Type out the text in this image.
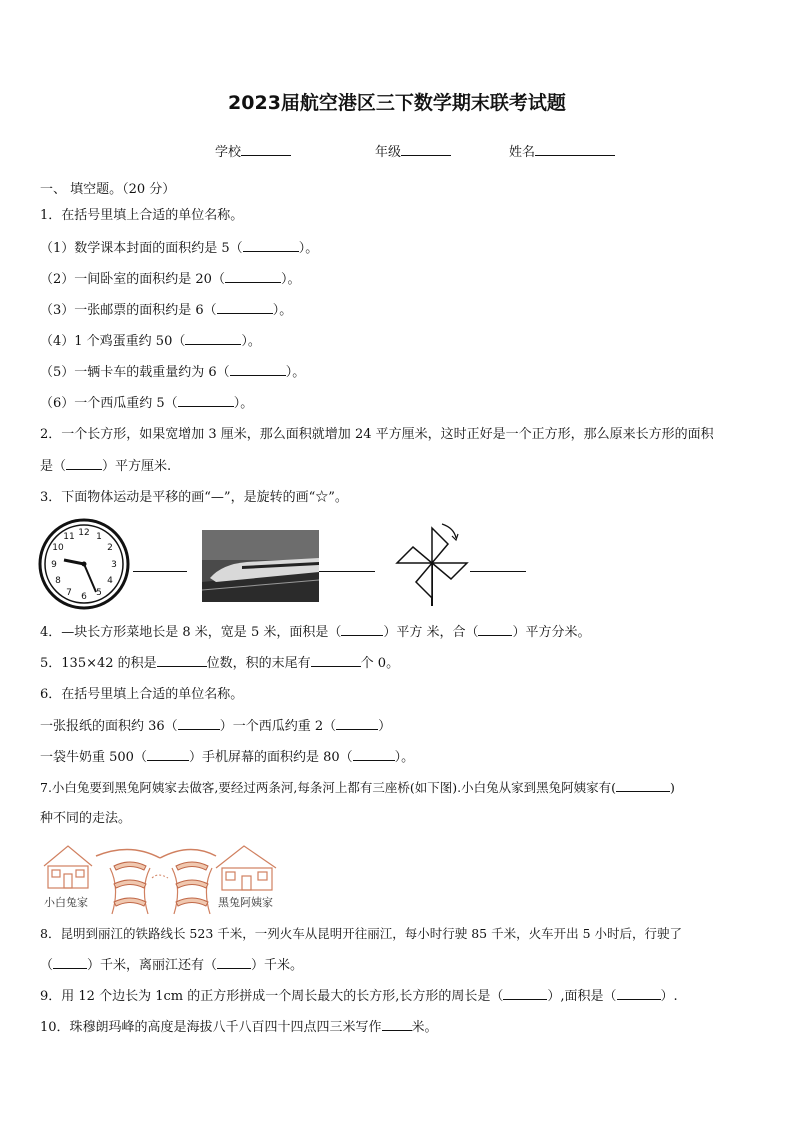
2023届航空港区三下数学期末联考试题
学校	年级	姓名
一、 填空题。（20 分）
1．在括号里填上合适的单位名称。
（1）数学课本封面的面积约是 5（	）。
（2）一间卧室的面积约是 20（	）。
（3）一张邮票的面积约是 6（	）。
（4）1 个鸡蛋重约 50（	）。
（5）一辆卡车的载重量约为 6（	）。
（6）一个西瓜重约 5（	）。
2．一个长方形，如果宽增加 3 厘米，那么面积就增加 24 平方厘米，这时正好是一个正方形，那么原来长方形的面积
是（	）平方厘米.
3．下面物体运动是平移的画“—”，是旋转的画“☆”。
12 1
2
3
4
5
6
7
8
9
10
11
4．—块长方形菜地长是 8 米，宽是 5 米，面积是（	）平方 米，合（	）平方分米。
5．135×42 的积是	位数，积的末尾有	个 0。
6．在括号里填上合适的单位名称。
一张报纸的面积约 36（	）一个西瓜约重 2（	）
一袋牛奶重 500（	）手机屏幕的面积约是 80（	）。
7.小白兔要到黑兔阿姨家去做客,要经过两条河,每条河上都有三座桥(如下图).小白兔从家到黑兔阿姨家有(	)
种不同的走法。
小白兔家	黑兔阿姨家
8．昆明到丽江的铁路线长 523 千米，一列火车从昆明开往丽江，每小时行驶 85 千米，火车开出 5 小时后，行驶了
（	）千米，离丽江还有（	）千米。
9．用 12 个边长为 1cm 的正方形拼成一个周长最大的长方形,长方形的周长是（	）,面积是（	）.
10．珠穆朗玛峰的高度是海拔八千八百四十四点四三米写作 米。
